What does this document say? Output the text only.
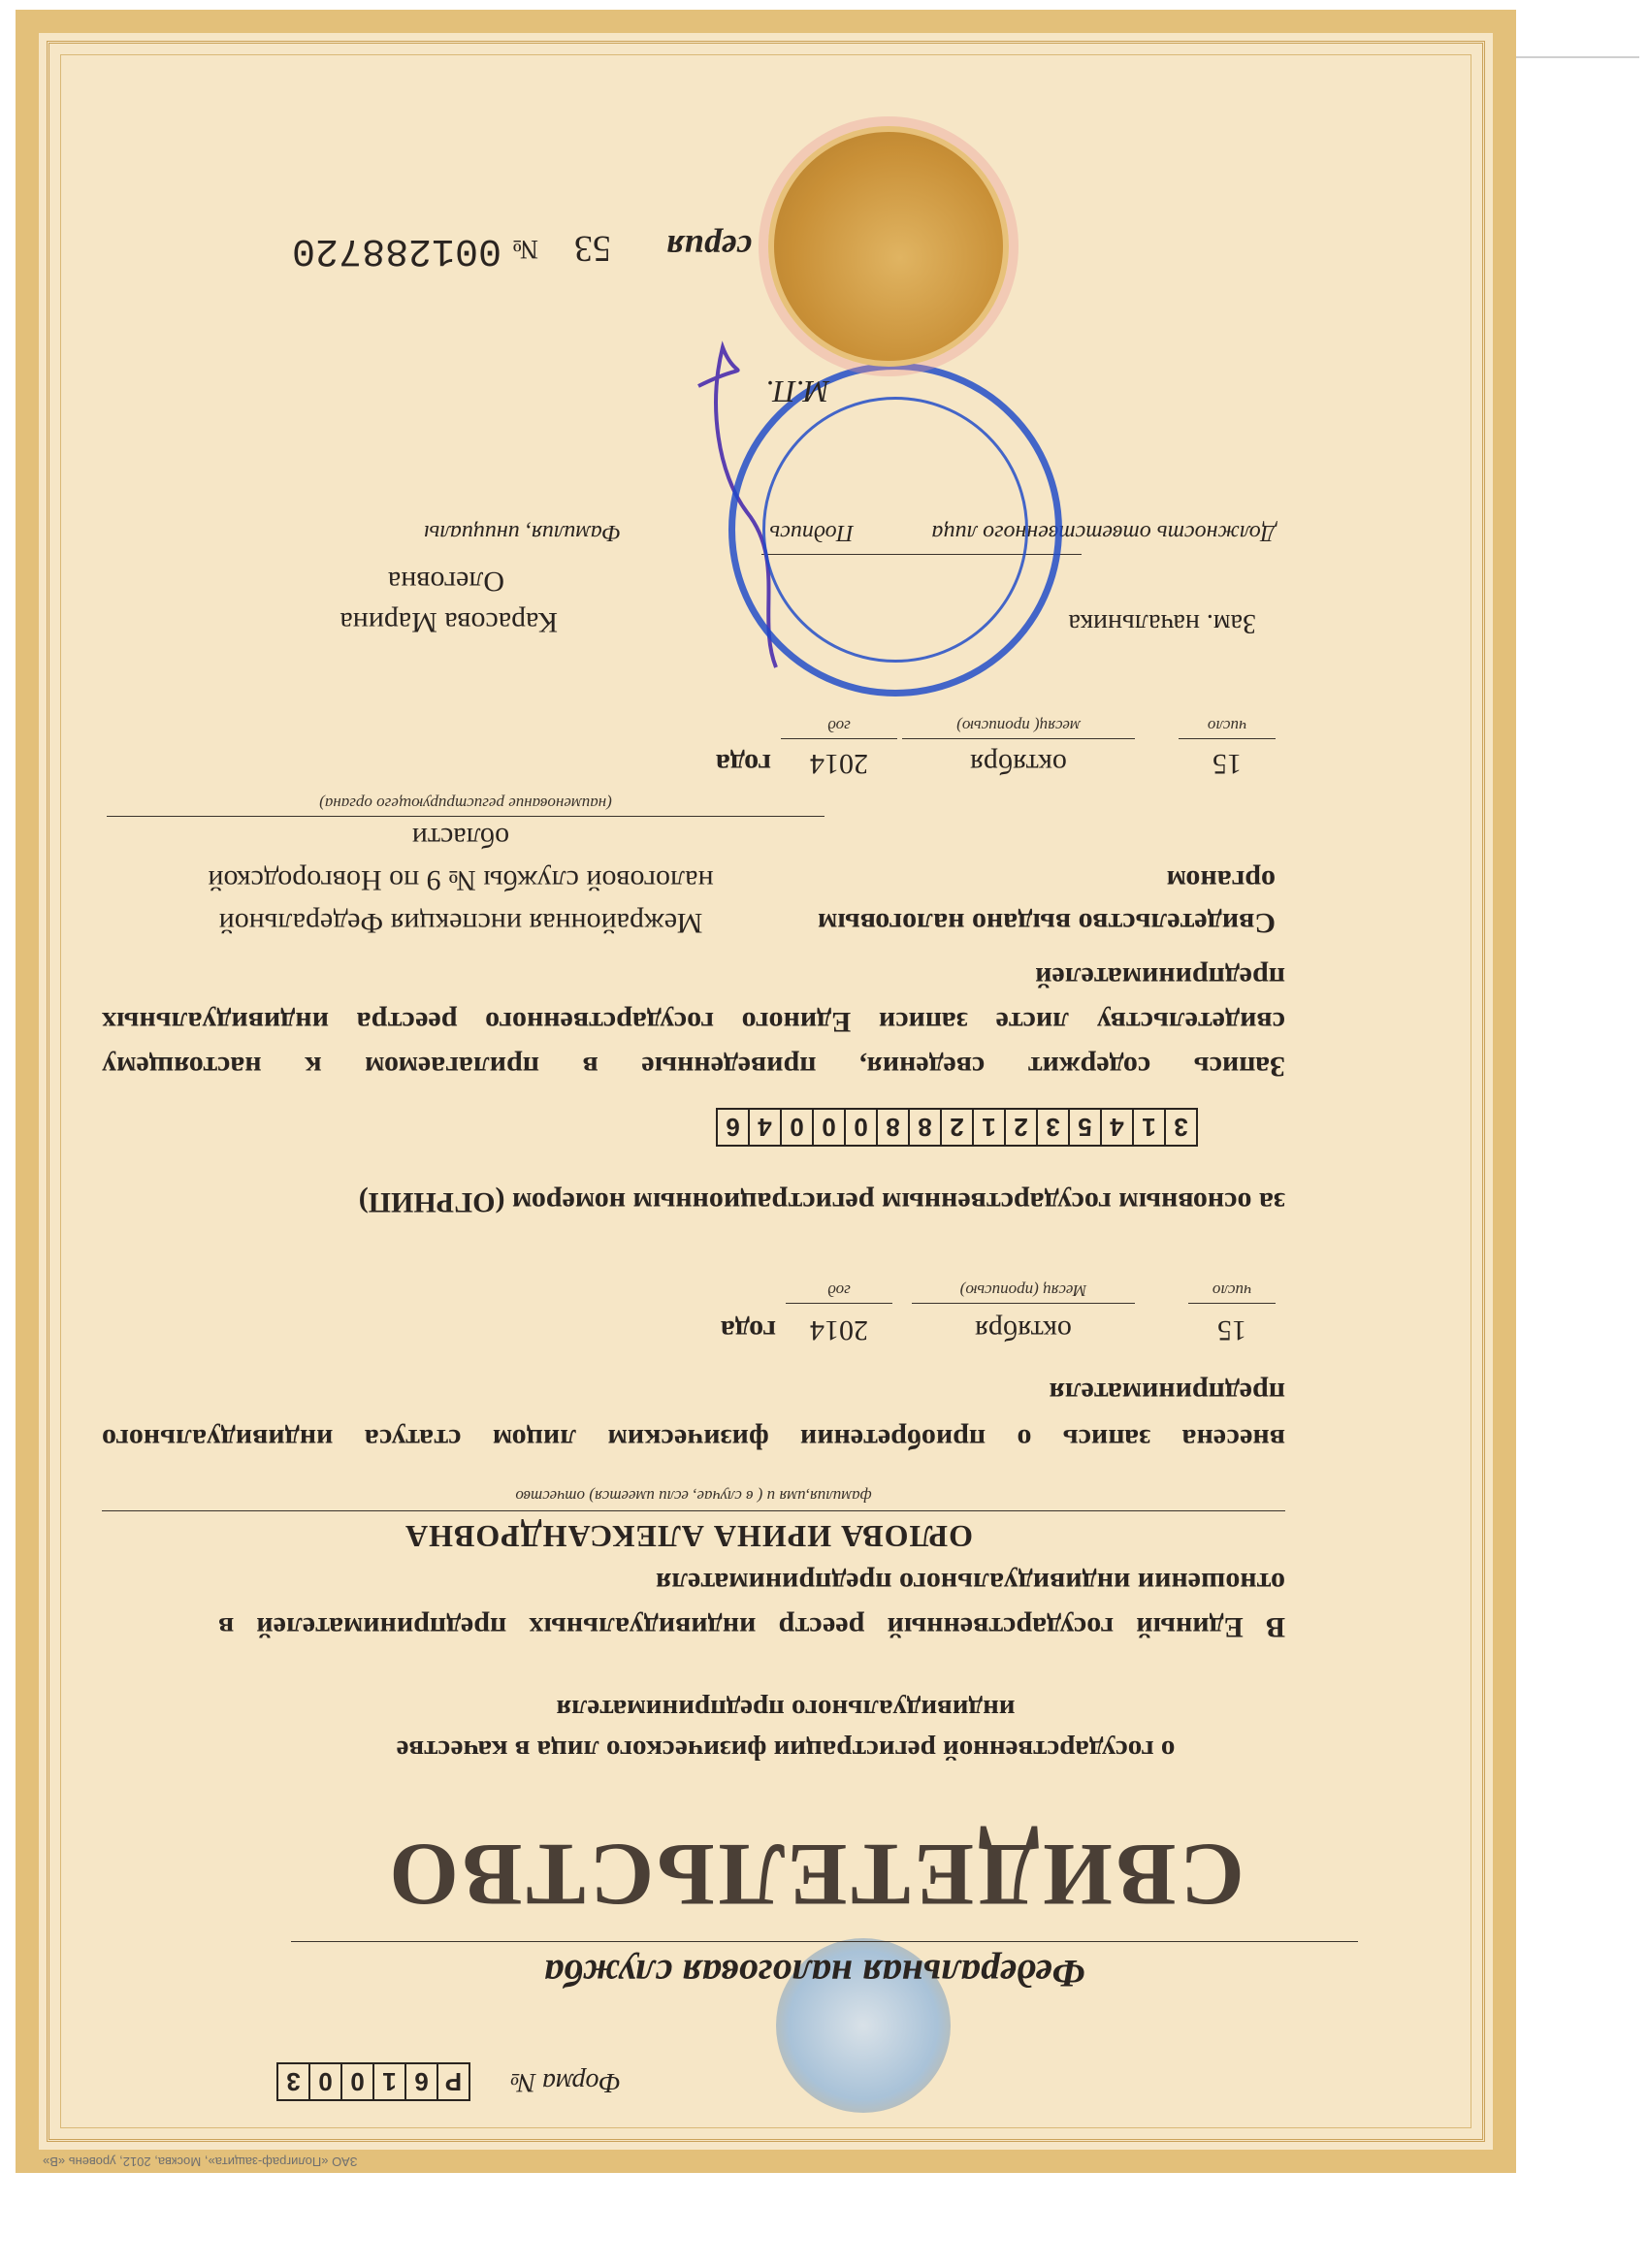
ЗАО «Полиграф-защита», Москва, 2012, уровень «В»
Форма №
Р
6
1
0
0
3
Федеральная налоговая служба
СВИДЕТЕЛЬСТВО
о государственной регистрации физического лица в качестве
индивидуального предпринимателя
В Единый государственный реестр индивидуальных предпринимателей в
отношении индивидуального предпринимателя
ОРЛОВА ИРИНА АЛЕКСАНДРОВНА
фамилия,имя и ( в случае, если имеется) отчество
внесена запись о приобретении физическим лицом статуса индивидуального
предпринимателя
15
октября
2014
года
число
Месяц (прописью)
год
за основным государственным регистрационным номером (ОГРНИП)
3
1
4
5
3
2
1
2
8
8
0
0
0
4
6
Запись содержит сведения, приведенные в прилагаемом к настоящему
свидетельству листе записи Единого государственного реестра индивидуальных
предпринимателей
Свидетельство выдано налоговым
органом
Межрайонная инспекция Федеральной
налоговой службы № 9 по Новгородской
области
(наименование регистрирующего органа)
15
октября
2014
года
число
месяц( прописью)
год
Зам. начальника
Карасова Марина
Олеговна
Должность ответственного лица
Подпись
Фамилия, инициалы
М.П.
серия
53
№
001288720
